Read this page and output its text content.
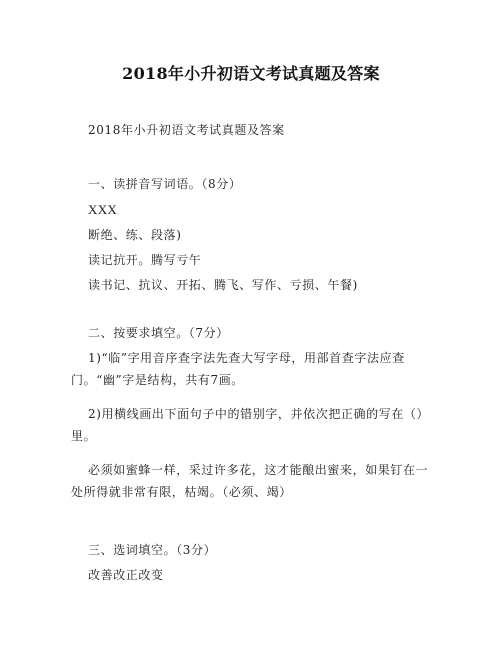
2018年小升初语文考试真题及答案
2018年小升初语文考试真题及答案
一、读拼音写词语。（8分）
XXX
断绝、练、段落)
读记抗开。腾写亏午
读书记、抗议、开拓、腾飞、写作、亏损、午餐)
二、按要求填空。（7分）
1)“临”字用音序查字法先查大写字母，用部首查字法应查门。“幽”字是结构，共有7画。
2)用横线画出下面句子中的错别字，并依次把正确的写在（）里。
必须如蜜蜂一样，采过许多花，这才能酿出蜜来，如果钉在一处所得就非常有限，枯竭。（必须、竭）
三、选词填空。（3分）
改善改正改变
